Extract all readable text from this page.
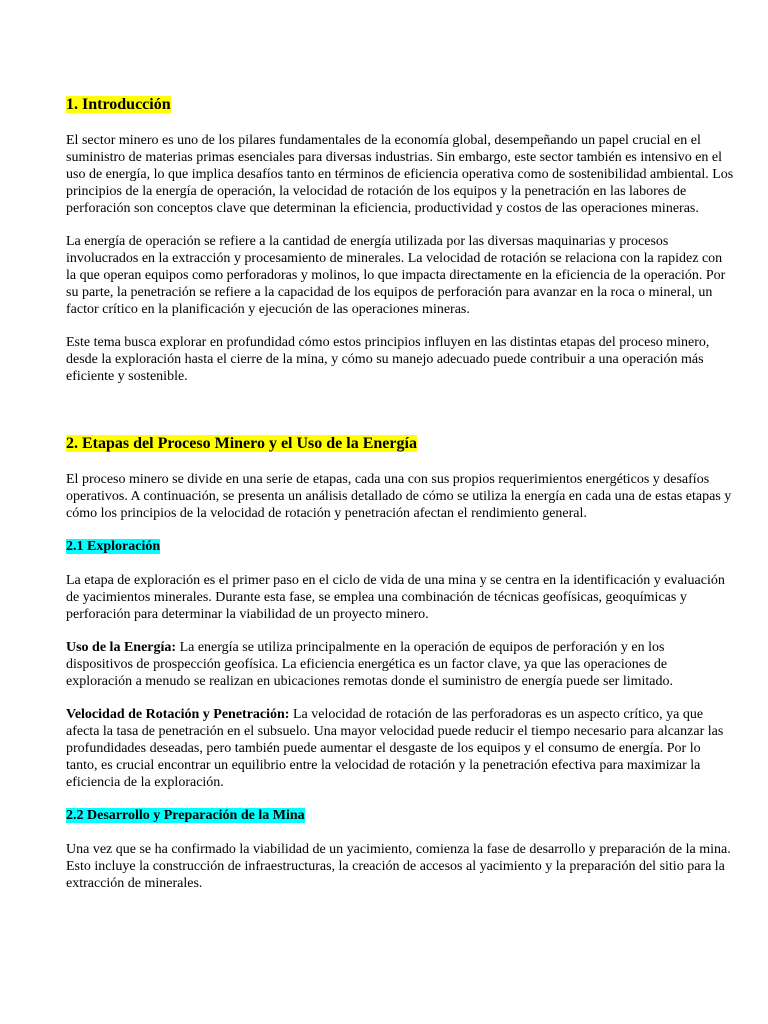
1. Introducción

El sector minero es uno de los pilares fundamentales de la economía global, desempeñando un papel crucial en el suministro de materias primas esenciales para diversas industrias. Sin embargo, este sector también es intensivo en el uso de energía, lo que implica desafíos tanto en términos de eficiencia operativa como de sostenibilidad ambiental. Los principios de la energía de operación, la velocidad de rotación de los equipos y la penetración en las labores de perforación son conceptos clave que determinan la eficiencia, productividad y costos de las operaciones mineras.

La energía de operación se refiere a la cantidad de energía utilizada por las diversas maquinarias y procesos involucrados en la extracción y procesamiento de minerales. La velocidad de rotación se relaciona con la rapidez con la que operan equipos como perforadoras y molinos, lo que impacta directamente en la eficiencia de la operación. Por su parte, la penetración se refiere a la capacidad de los equipos de perforación para avanzar en la roca o mineral, un factor crítico en la planificación y ejecución de las operaciones mineras.

Este tema busca explorar en profundidad cómo estos principios influyen en las distintas etapas del proceso minero, desde la exploración hasta el cierre de la mina, y cómo su manejo adecuado puede contribuir a una operación más eficiente y sostenible.

2. Etapas del Proceso Minero y el Uso de la Energía

El proceso minero se divide en una serie de etapas, cada una con sus propios requerimientos energéticos y desafíos operativos. A continuación, se presenta un análisis detallado de cómo se utiliza la energía en cada una de estas etapas y cómo los principios de la velocidad de rotación y penetración afectan el rendimiento general.

2.1 Exploración

La etapa de exploración es el primer paso en el ciclo de vida de una mina y se centra en la identificación y evaluación de yacimientos minerales. Durante esta fase, se emplea una combinación de técnicas geofísicas, geoquímicas y perforación para determinar la viabilidad de un proyecto minero.

Uso de la Energía: La energía se utiliza principalmente en la operación de equipos de perforación y en los dispositivos de prospección geofísica. La eficiencia energética es un factor clave, ya que las operaciones de exploración a menudo se realizan en ubicaciones remotas donde el suministro de energía puede ser limitado.

Velocidad de Rotación y Penetración: La velocidad de rotación de las perforadoras es un aspecto crítico, ya que afecta la tasa de penetración en el subsuelo. Una mayor velocidad puede reducir el tiempo necesario para alcanzar las profundidades deseadas, pero también puede aumentar el desgaste de los equipos y el consumo de energía. Por lo tanto, es crucial encontrar un equilibrio entre la velocidad de rotación y la penetración efectiva para maximizar la eficiencia de la exploración.

2.2 Desarrollo y Preparación de la Mina

Una vez que se ha confirmado la viabilidad de un yacimiento, comienza la fase de desarrollo y preparación de la mina. Esto incluye la construcción de infraestructuras, la creación de accesos al yacimiento y la preparación del sitio para la extracción de minerales.
